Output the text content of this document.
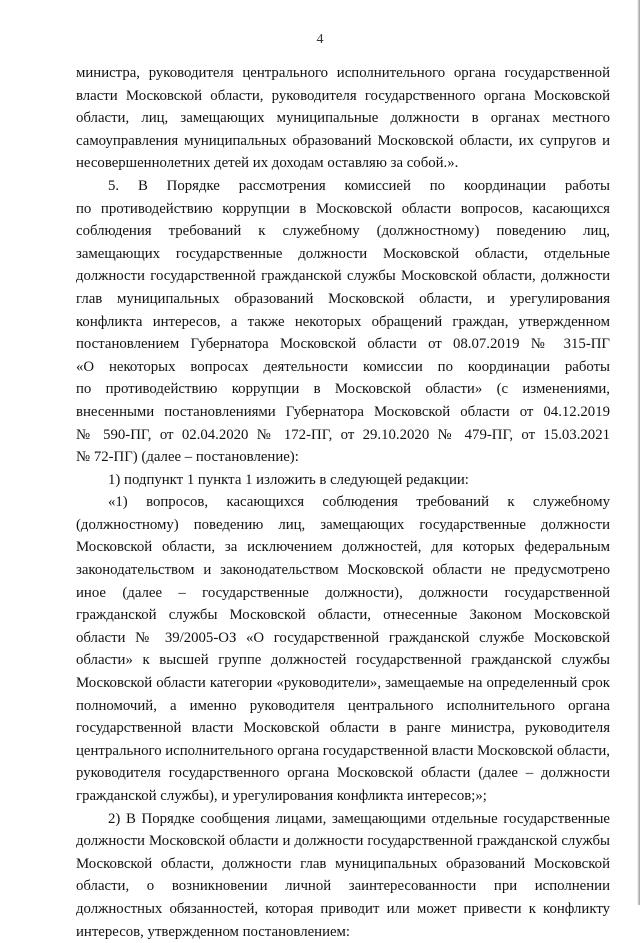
4
министра, руководителя центрального исполнительного органа государственной
власти Московской области, руководителя государственного органа Московской
области, лиц, замещающих муниципальные должности в органах местного
самоуправления муниципальных образований Московской области, их супругов и
несовершеннолетних детей их доходам оставляю за собой.».
5. В Порядке рассмотрения комиссией по координации работы
по противодействию коррупции в Московской области вопросов, касающихся
соблюдения требований к служебному (должностному) поведению лиц,
замещающих государственные должности Московской области, отдельные
должности государственной гражданской службы Московской области, должности
глав муниципальных образований Московской области, и урегулирования
конфликта интересов, а также некоторых обращений граждан, утвержденном
постановлением Губернатора Московской области от 08.07.2019 № 315-ПГ
«О некоторых вопросах деятельности комиссии по координации работы
по противодействию коррупции в Московской области» (с изменениями,
внесенными постановлениями Губернатора Московской области от 04.12.2019
№ 590-ПГ, от 02.04.2020 № 172-ПГ, от 29.10.2020 № 479-ПГ, от 15.03.2021
№ 72-ПГ) (далее – постановление):
1) подпункт 1 пункта 1 изложить в следующей редакции:
«1) вопросов, касающихся соблюдения требований к служебному
(должностному) поведению лиц, замещающих государственные должности
Московской области, за исключением должностей, для которых федеральным
законодательством и законодательством Московской области не предусмотрено
иное (далее – государственные должности), должности государственной
гражданской службы Московской области, отнесенные Законом Московской
области № 39/2005-ОЗ «О государственной гражданской службе Московской
области» к высшей группе должностей государственной гражданской службы
Московской области категории «руководители», замещаемые на определенный срок
полномочий, а именно руководителя центрального исполнительного органа
государственной власти Московской области в ранге министра, руководителя
центрального исполнительного органа государственной власти Московской области,
руководителя государственного органа Московской области (далее – должности
гражданской службы), и урегулирования конфликта интересов;»;
2) В Порядке сообщения лицами, замещающими отдельные государственные
должности Московской области и должности государственной гражданской службы
Московской области, должности глав муниципальных образований Московской
области, о возникновении личной заинтересованности при исполнении
должностных обязанностей, которая приводит или может привести к конфликту
интересов, утвержденном постановлением:
